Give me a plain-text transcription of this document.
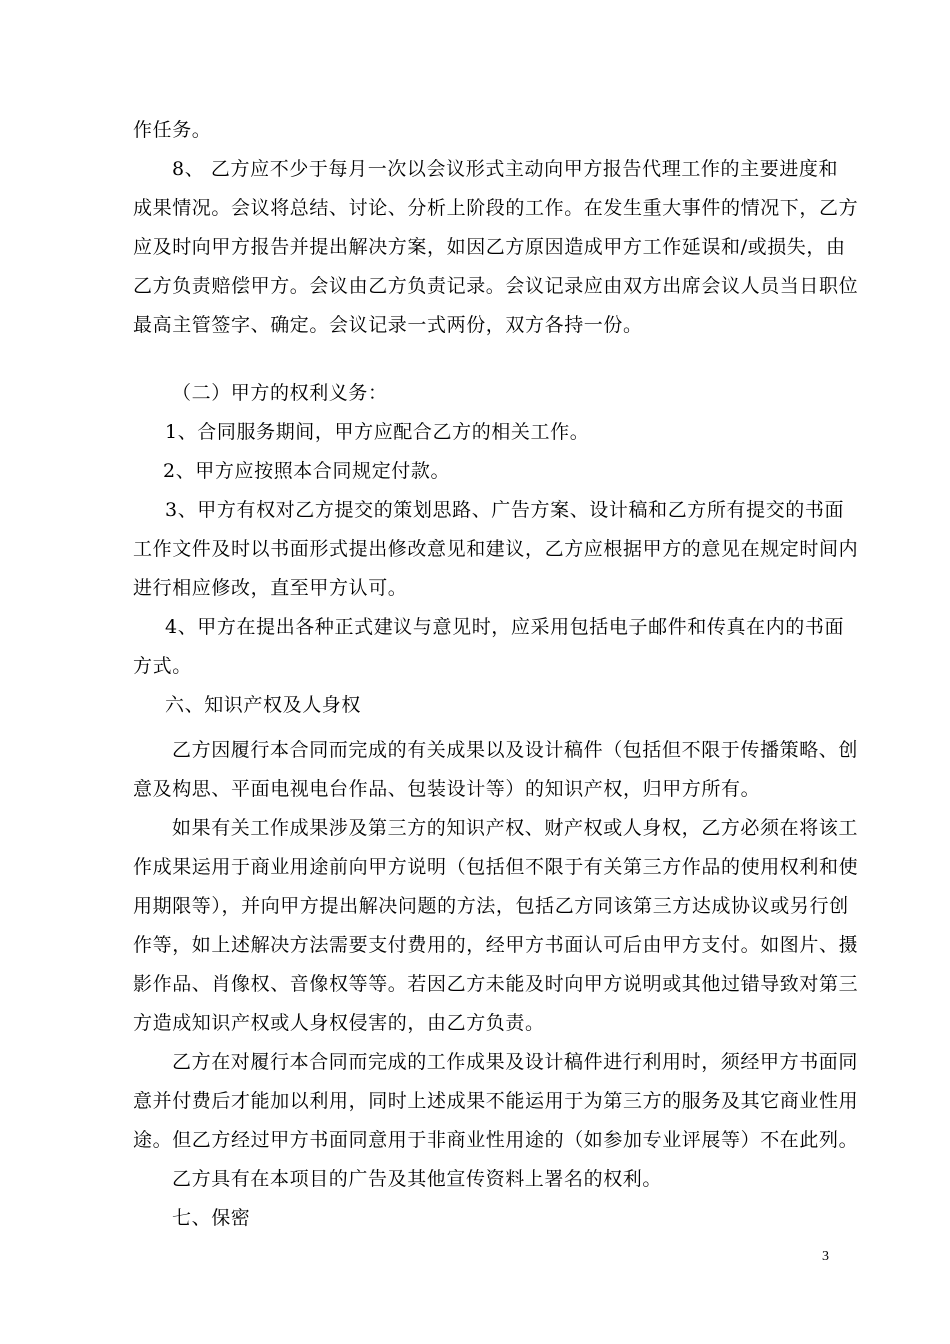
作任务。
8、 乙方应不少于每月一次以会议形式主动向甲方报告代理工作的主要进度和
成果情况。会议将总结、讨论、分析上阶段的工作。在发生重大事件的情况下，乙方
应及时向甲方报告并提出解决方案，如因乙方原因造成甲方工作延误和/或损失，由
乙方负责赔偿甲方。会议由乙方负责记录。会议记录应由双方出席会议人员当日职位
最高主管签字、确定。会议记录一式两份，双方各持一份。
（二）甲方的权利义务：
1、合同服务期间，甲方应配合乙方的相关工作。
2、甲方应按照本合同规定付款。
3、甲方有权对乙方提交的策划思路、广告方案、设计稿和乙方所有提交的书面
工作文件及时以书面形式提出修改意见和建议，乙方应根据甲方的意见在规定时间内
进行相应修改，直至甲方认可。
4、甲方在提出各种正式建议与意见时，应采用包括电子邮件和传真在内的书面
方式。
六、知识产权及人身权
乙方因履行本合同而完成的有关成果以及设计稿件（包括但不限于传播策略、创
意及构思、平面电视电台作品、包装设计等）的知识产权，归甲方所有。
如果有关工作成果涉及第三方的知识产权、财产权或人身权，乙方必须在将该工
作成果运用于商业用途前向甲方说明（包括但不限于有关第三方作品的使用权利和使
用期限等），并向甲方提出解决问题的方法，包括乙方同该第三方达成协议或另行创
作等，如上述解决方法需要支付费用的，经甲方书面认可后由甲方支付。如图片、摄
影作品、肖像权、音像权等等。若因乙方未能及时向甲方说明或其他过错导致对第三
方造成知识产权或人身权侵害的，由乙方负责。
乙方在对履行本合同而完成的工作成果及设计稿件进行利用时，须经甲方书面同
意并付费后才能加以利用，同时上述成果不能运用于为第三方的服务及其它商业性用
途。但乙方经过甲方书面同意用于非商业性用途的（如参加专业评展等）不在此列。
乙方具有在本项目的广告及其他宣传资料上署名的权利。
七、保密
3
